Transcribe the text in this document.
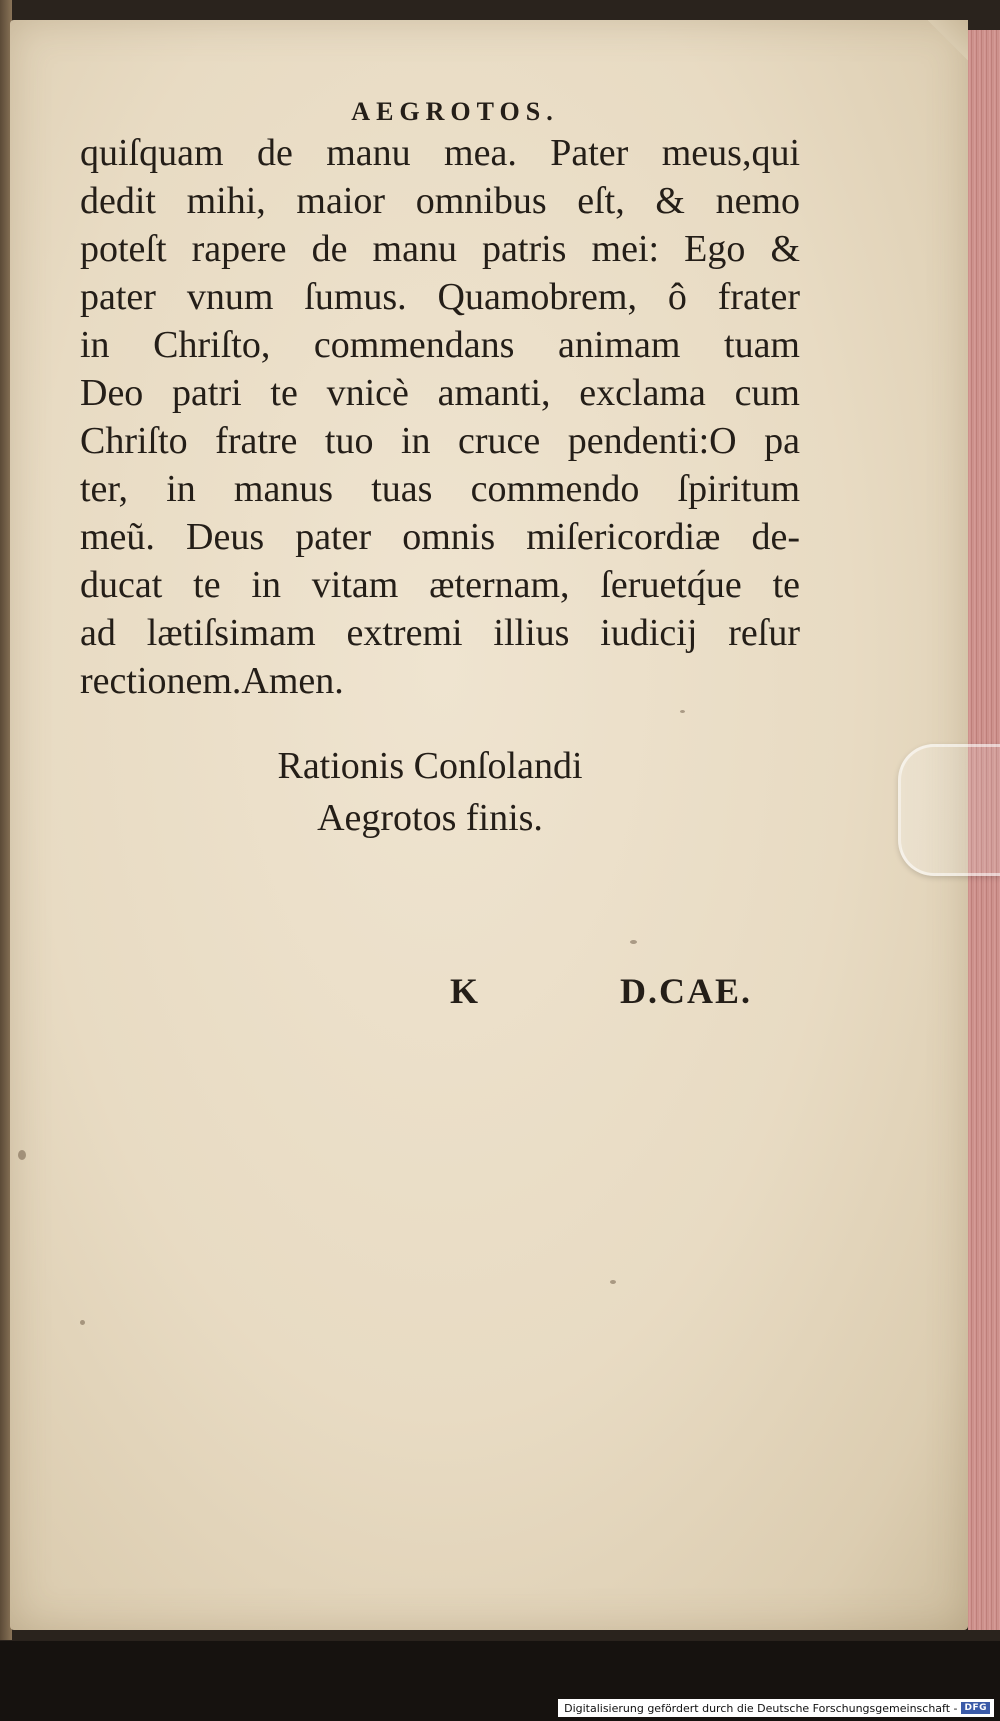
AEGROTOS.
quiſquam de manu mea. Pater meus,qui
dedit mihi, maior omnibus eſt, & nemo
poteſt rapere de manu patris mei: Ego &
pater vnum ſumus. Quamobrem, ô frater
in Chriſto, commendans animam tuam
Deo patri te vnicè amanti, exclama cum
Chriſto fratre tuo in cruce pendenti:O pa
ter, in manus tuas commendo ſpiritum
meũ. Deus pater omnis miſericordiæ de-
ducat te in vitam æternam, ſeruetq́ue te
ad lætiſsimam extremi illius iudicij reſur
rectionem.Amen.
Rationis Conſolandi
Aegrotos finis.
K	D.CAE.
Digitalisierung gefördert durch die Deutsche Forschungsgemeinschaft - DFG
